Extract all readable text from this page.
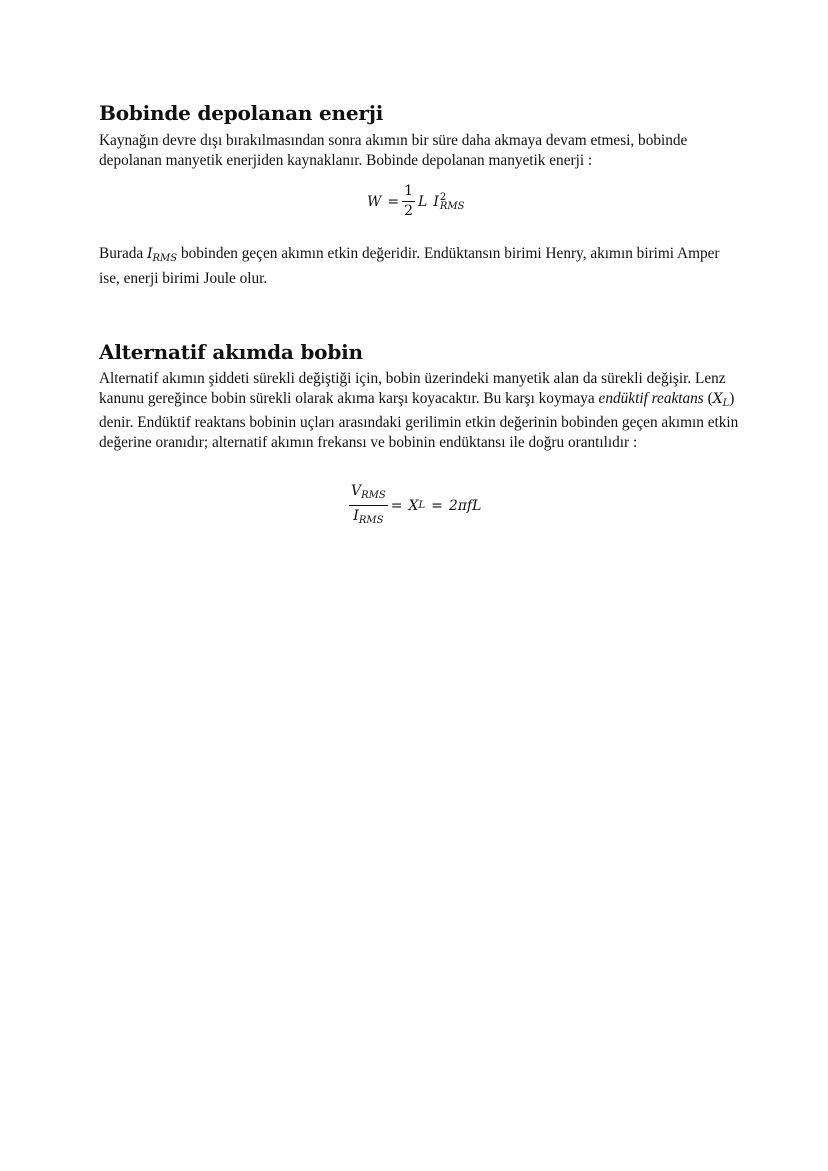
Bobinde depolanan enerji

Kaynağın devre dışı bırakılmasından sonra akımın bir süre daha akmaya devam etmesi, bobinde depolanan manyetik enerjiden kaynaklanır. Bobinde depolanan manyetik enerji :

$W = \frac{1}{2}$ L I 2
RMS

Burada $I_{RMS}$ bobinden geçen akımın etkin değeridir. Endüktansın birimi Henry, akımın birimi Amper ise, enerji birimi Joule olur.

Alternatif akımda bobin

Alternatif akımın şiddeti sürekli değiştiği için, bobin üzerindeki manyetik alan da sürekli değişir. Lenz kanunu gereğince bobin sürekli olarak akıma karşı koyacaktır. Bu karşı koymaya endüktif reaktans $(X_L)$ denir. Endüktif reaktans bobinin uçları arasındaki gerilimin etkin değerinin bobinden geçen akımın etkin değerine oranıdır; alternatif akımın frekansı ve bobinin endüktansı ile doğru orantılıdır :

$\frac{V_{RMS}}{I_{RMS}} = X$ L = 2πfL
